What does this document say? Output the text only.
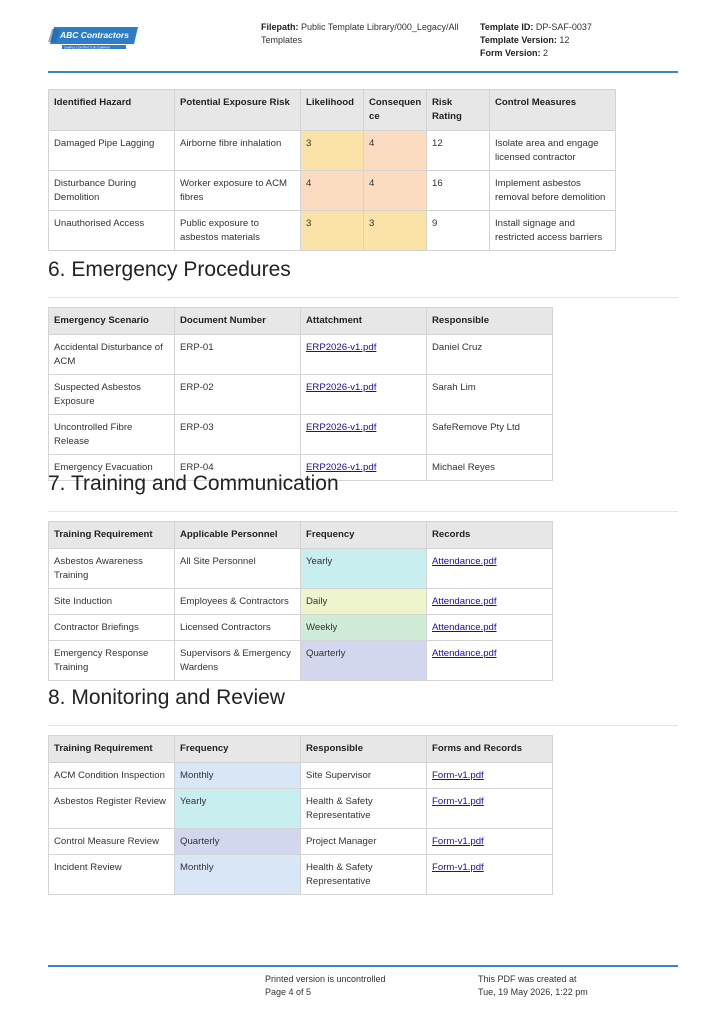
ABC Contractors
SAMPLE CONTRACTOR COMPANY
Filepath: Public Template Library/000_Legacy/All Templates
Template ID: DP-SAF-0037
Template Version: 12
Form Version: 2
Identified Hazard	Potential Exposure Risk	Likelihood	Consequen ce	Risk Rating	Control Measures
Damaged Pipe Lagging	Airborne fibre inhalation	3	4	12	Isolate area and engage licensed contractor
Disturbance During Demolition	Worker exposure to ACM fibres	4	4	16	Implement asbestos removal before demolition
Unauthorised Access	Public exposure to asbestos materials	3	3	9	Install signage and restricted access barriers
6. Emergency Procedures
Emergency Scenario	Document Number	Attatchment	Responsible
Accidental Disturbance of ACM	ERP-01	ERP2026-v1.pdf	Daniel Cruz
Suspected Asbestos Exposure	ERP-02	ERP2026-v1.pdf	Sarah Lim
Uncontrolled Fibre Release	ERP-03	ERP2026-v1.pdf	SafeRemove Pty Ltd
Emergency Evacuation	ERP-04	ERP2026-v1.pdf	Michael Reyes
7. Training and Communication
Training Requirement	Applicable Personnel	Frequency	Records
Asbestos Awareness Training	All Site Personnel	Yearly	Attendance.pdf
Site Induction	Employees & Contractors	Daily	Attendance.pdf
Contractor Briefings	Licensed Contractors	Weekly	Attendance.pdf
Emergency Response Training	Supervisors & Emergency Wardens	Quarterly	Attendance.pdf
8. Monitoring and Review
Training Requirement	Frequency	Responsible	Forms and Records
ACM Condition Inspection	Monthly	Site Supervisor	Form-v1.pdf
Asbestos Register Review	Yearly	Health & Safety Representative	Form-v1.pdf
Control Measure Review	Quarterly	Project Manager	Form-v1.pdf
Incident Review	Monthly	Health & Safety Representative	Form-v1.pdf
Printed version is uncontrolled
Page 4 of 5
This PDF was created at
Tue, 19 May 2026, 1:22 pm
